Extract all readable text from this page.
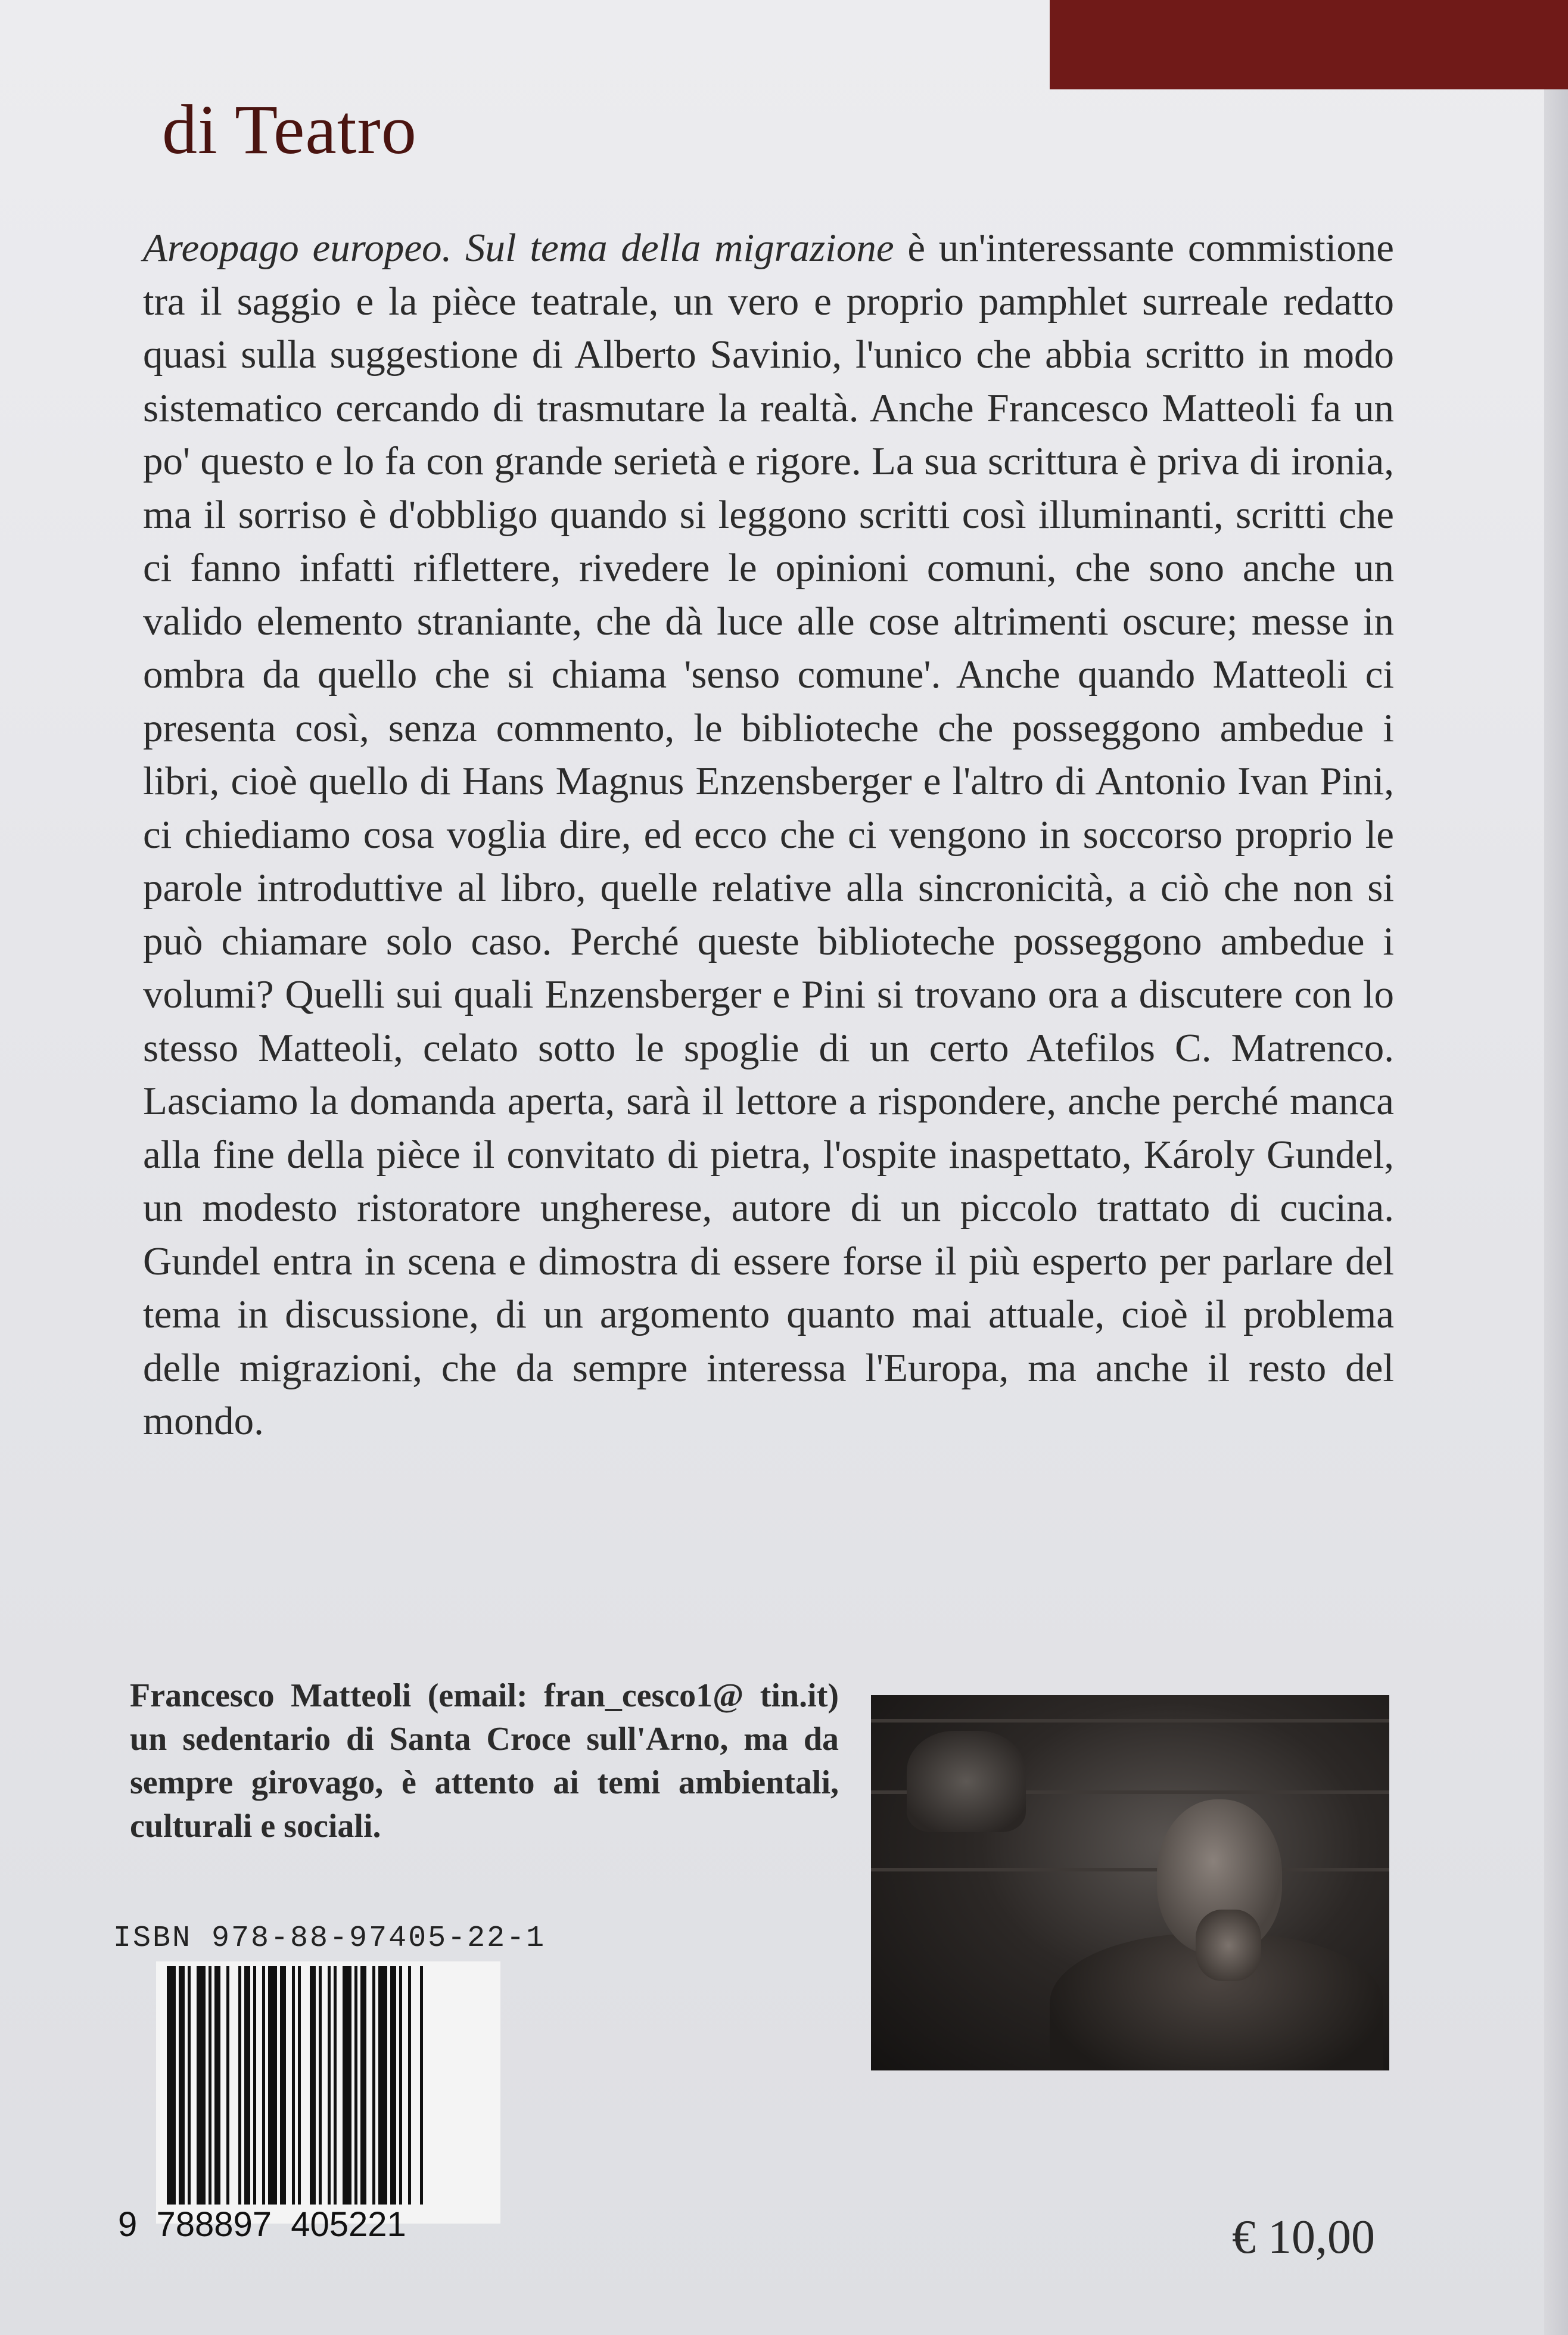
di Teatro

Areopago europeo. Sul tema della migrazione è un'interessante commistione tra il saggio e la pièce teatrale, un vero e proprio pamphlet surreale redatto quasi sulla suggestione di Alberto Savinio, l'unico che abbia scritto in modo sistematico cercando di trasmutare la realtà. Anche Francesco Matteoli fa un po' questo e lo fa con grande serietà e rigore. La sua scrittura è priva di ironia, ma il sorriso è d'obbligo quando si leggono scritti così illuminanti, scritti che ci fanno infatti riflettere, rivedere le opinioni comuni, che sono anche un valido elemento straniante, che dà luce alle cose altrimenti oscure; messe in ombra da quello che si chiama 'senso comune'. Anche quando Matteoli ci presenta così, senza commento, le biblioteche che posseggono ambedue i libri, cioè quello di Hans Magnus Enzensberger e l'altro di Antonio Ivan Pini, ci chiediamo cosa voglia dire, ed ecco che ci vengono in soccorso proprio le parole introduttive al libro, quelle relative alla sincronicità, a ciò che non si può chiamare solo caso. Perché queste biblioteche posseggono ambedue i volumi? Quelli sui quali Enzensberger e Pini si trovano ora a discutere con lo stesso Matteoli, celato sotto le spoglie di un certo Atefilos C. Matrenco. Lasciamo la domanda aperta, sarà il lettore a rispondere, anche perché manca alla fine della pièce il convitato di pietra, l'ospite inaspettato, Károly Gundel, un modesto ristoratore ungherese, autore di un piccolo trattato di cucina. Gundel entra in scena e dimostra di essere forse il più esperto per parlare del tema in discussione, di un argomento quanto mai attuale, cioè il problema delle migrazioni, che da sempre interessa l'Europa, ma anche il resto del mondo.

Francesco Matteoli (email: fran_cesco1@ tin.it) un sedentario di Santa Croce sull'Arno, ma da sempre girovago, è attento ai temi ambientali, culturali e sociali.

ISBN 978-88-97405-22-1

9  788897  405221	€ 10,00
